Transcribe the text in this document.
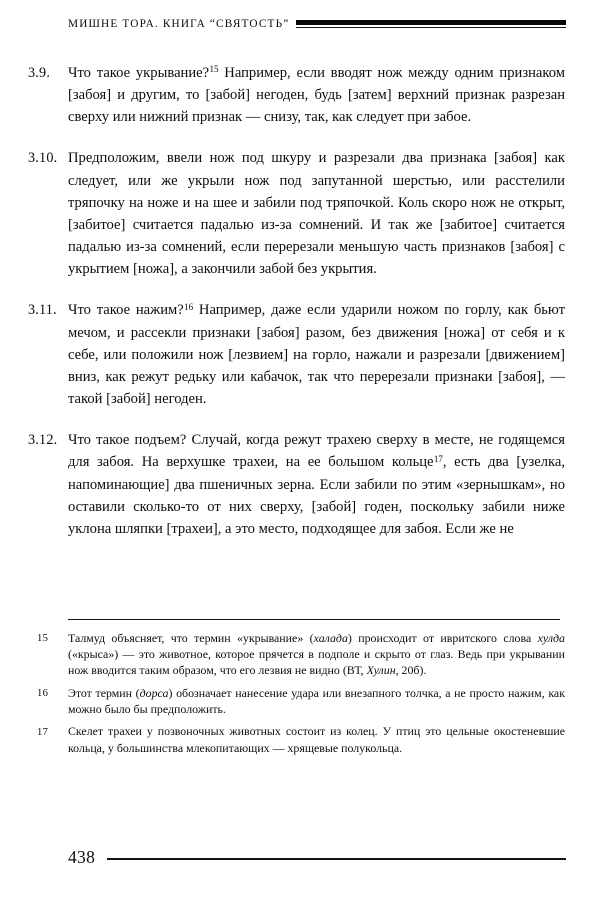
МИШНЕ ТОРА. КНИГА “СВЯТОСТЬ”
3.9.	Что такое укрывание?$^{15}$ Например, если вводят нож между одним признаком [забоя] и другим, то [забой] негоден, будь [затем] верхний признак разрезан сверху или нижний признак — снизу, так, как следует при забое.
3.10. Предположим, ввели нож под шкуру и разрезали два признака [забоя] как следует, или же укрыли нож под запутанной шерстью, или расстелили тряпочку на ноже и на шее и забили под тряпочкой. Коль скоро нож не открыт, [забитое] считается падалью из-за сомнений. И так же [забитое] считается падалью из-за сомнений, если перерезали меньшую часть признаков [забоя] с укрытием [ножа], а закончили забой без укрытия.
3.11. Что такое нажим?$^{16}$ Например, даже если ударили ножом по горлу, как бьют мечом, и рассекли признаки [забоя] разом, без движения [ножа] от себя и к себе, или положили нож [лезвием] на горло, нажали и разрезали [движением] вниз, как режут редьку или кабачок, так что перерезали признаки [забоя], — такой [забой] негоден.
3.12. Что такое подъем? Случай, когда режут трахею сверху в месте, не годящемся для забоя. На верхушке трахеи, на ее большом кольце$^{17}$, есть два [узелка, напоминающие] два пшеничных зерна. Если забили по этим «зернышкам», но оставили сколько-то от них сверху, [забой] годен, поскольку забили ниже уклона шляпки [трахеи], а это место, подходящее для забоя. Если же не
15	Талмуд объясняет, что термин «укрывание» (халада) происходит от ивритского слова хулда («крыса») — это животное, которое прячется в подполе и скрыто от глаз. Ведь при укрывании нож вводится таким образом, что его лезвия не видно (ВТ, Хулин, 20б).
16	Этот термин (дорса) обозначает нанесение удара или внезапного толчка, а не просто нажим, как можно было бы предположить.
17	Скелет трахеи у позвоночных животных состоит из колец. У птиц это цельные окостеневшие кольца, у большинства млекопитающих — хрящевые полукольца.
438
